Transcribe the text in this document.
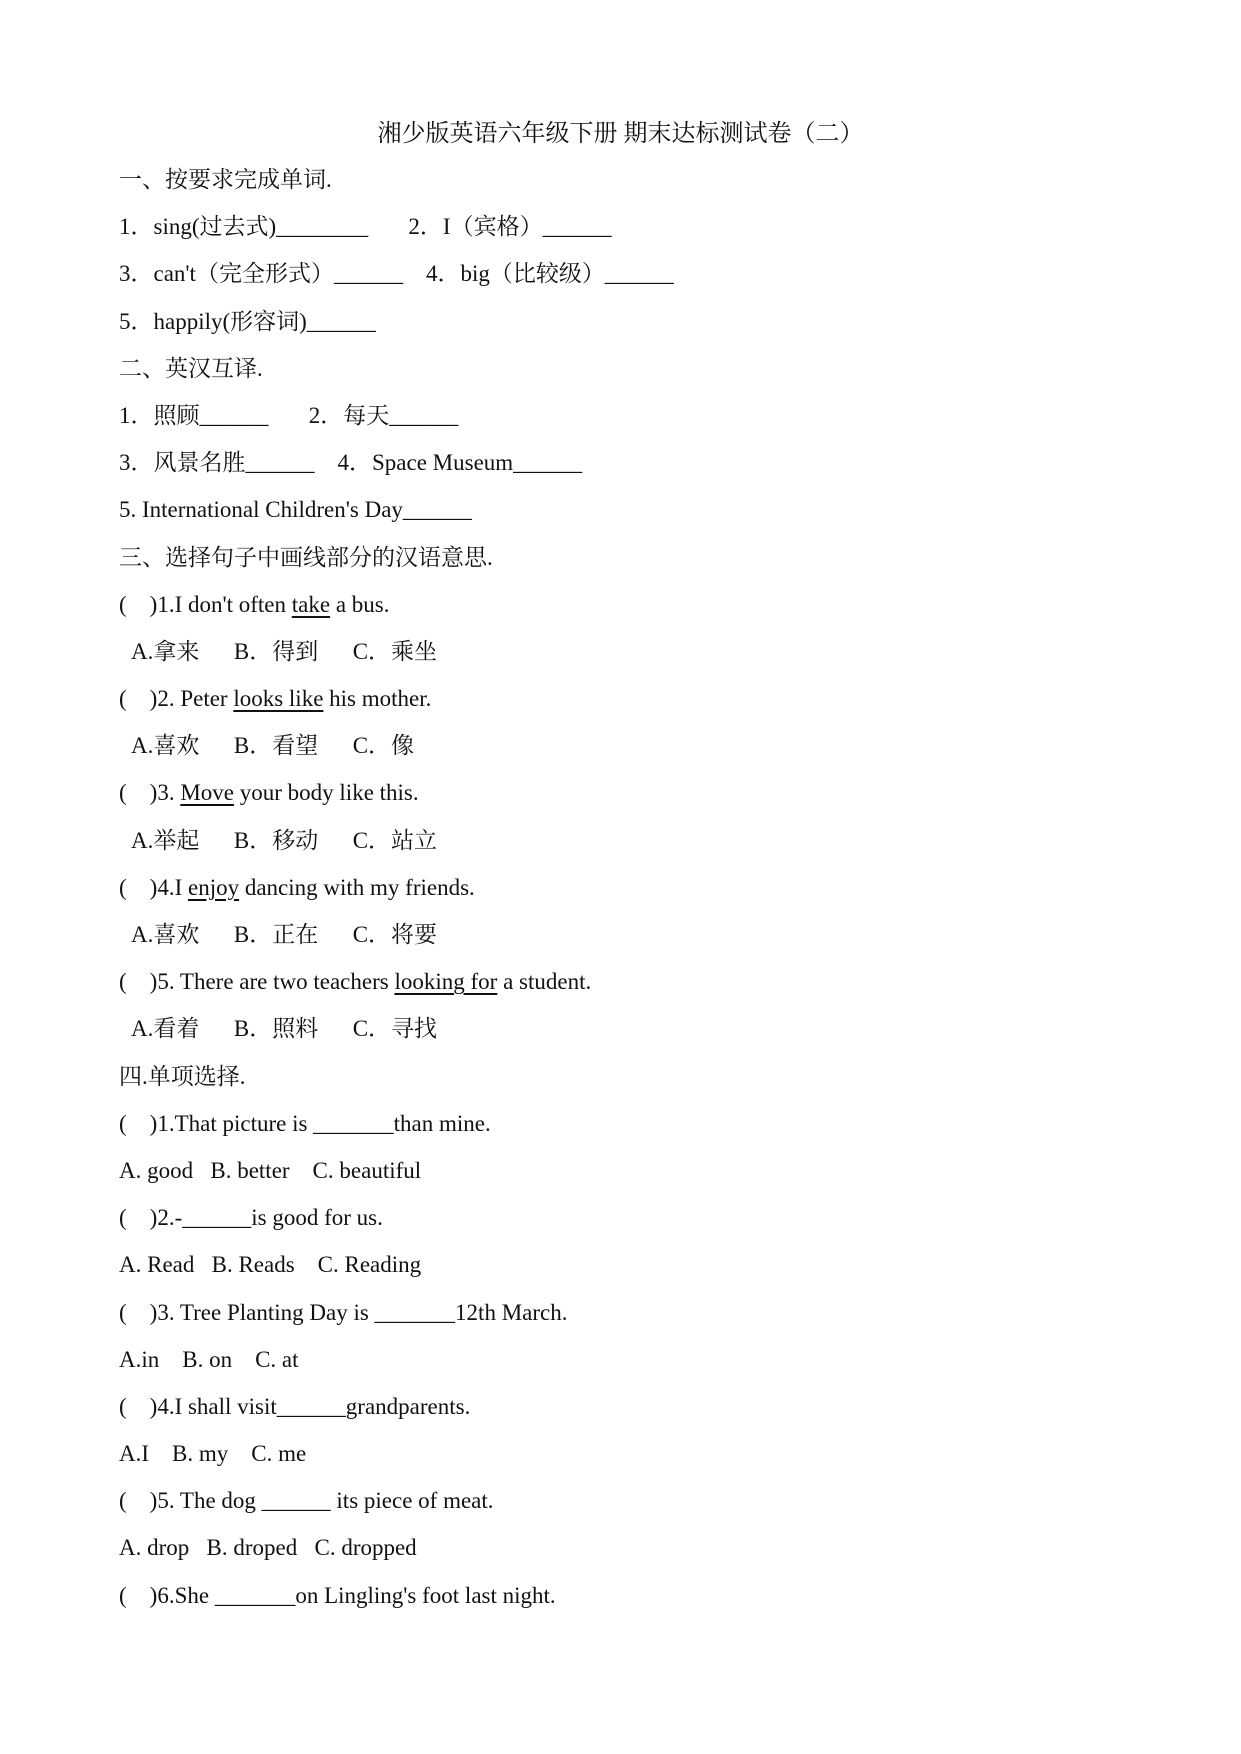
湘少版英语六年级下册 期末达标测试卷（二）
一、按要求完成单词.
1．sing(过去式)________       2．I（宾格）______
3．can't（完全形式）______    4．big（比较级）______
5．happily(形容词)______
二、英汉互译.
1．照顾______       2．每天______
3．风景名胜______    4．Space Museum______
5. International Children's Day______
三、选择句子中画线部分的汉语意思.
(    )1.I don't often take a bus.
A.拿来      B．得到      C．乘坐
(    )2. Peter looks like his mother.
A.喜欢      B．看望      C．像
(    )3. Move your body like this.
A.举起      B．移动      C．站立
(    )4.I enjoy dancing with my friends.
A.喜欢      B．正在      C．将要
(    )5. There are two teachers looking for a student.
A.看着      B．照料      C．寻找
四.单项选择.
(    )1.That picture is _______than mine.
A. good   B. better    C. beautiful
(    )2.-______is good for us.
A. Read   B. Reads    C. Reading
(    )3. Tree Planting Day is _______12th March.
A.in    B. on    C. at
(    )4.I shall visit______grandparents.
A.I    B. my    C. me
(    )5. The dog ______ its piece of meat.
A. drop   B. droped   C. dropped
(    )6.She _______on Lingling's foot last night.
